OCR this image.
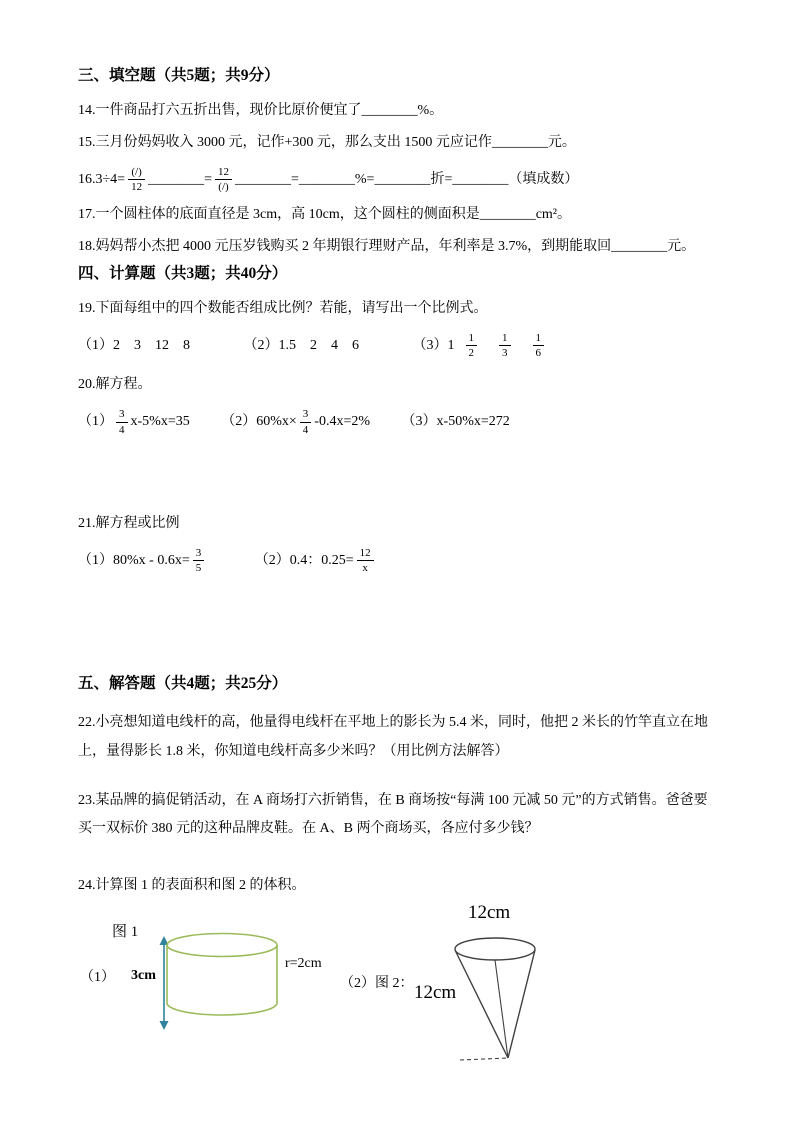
三、填空题（共5题；共9分）

14.一件商品打六五折出售，现价比原价便宜了________%。

15.三月份妈妈收入 3000 元，记作+300 元，那么支出 1500 元应记作________元。

$16.3\div 4= \frac{(/)}{12}$ ________= $\frac{12}{(/)}$ ________=________%=________折=________（填成数）

17.一个圆柱体的底面直径是 3cm，高 10cm，这个圆柱的侧面积是________cm²。

18.妈妈帮小杰把 4000 元压岁钱购买 2 年期银行理财产品，年利率是 3.7%，到期能取回________元。

四、计算题（共3题；共40分）

19.下面每组中的四个数能否组成比例？若能，请写出一个比例式。

（1）2　3　12　8	（2）1.5　2　4　6	$(3)1 \frac{1}{2} \frac{1}{3} \frac{1}{6}$

20.解方程。

$(1) \frac{3}{4} x-5\%x=35$ $(2)60\%x\times \frac{3}{4} -0.4x=2\%$ （3）x-50%x=272

21.解方程或比例

$(1)80\%x - 0.6x= \frac{3}{5}$	（2）0.4：$0.25= \frac{12}{x}$

五、解答题（共4题；共25分）

22.小亮想知道电线杆的高，他量得电线杆在平地上的影长为 5.4 米，同时，他把 2 米长的竹竿直立在地上，量得影长 1.8 米，你知道电线杆高多少米吗？（用比例方法解答）

23.某品牌的搞促销活动，在 A 商场打六折销售，在 B 商场按“每满 100 元减 50 元”的方式销售。爸爸要买一双标价 380 元的这种品牌皮鞋。在 A、B 两个商场买，各应付多少钱？

24.计算图 1 的表面积和图 2 的体积。

（1）
图 1
3cm
r=2cm
（2）图 2：
12cm
12cm
